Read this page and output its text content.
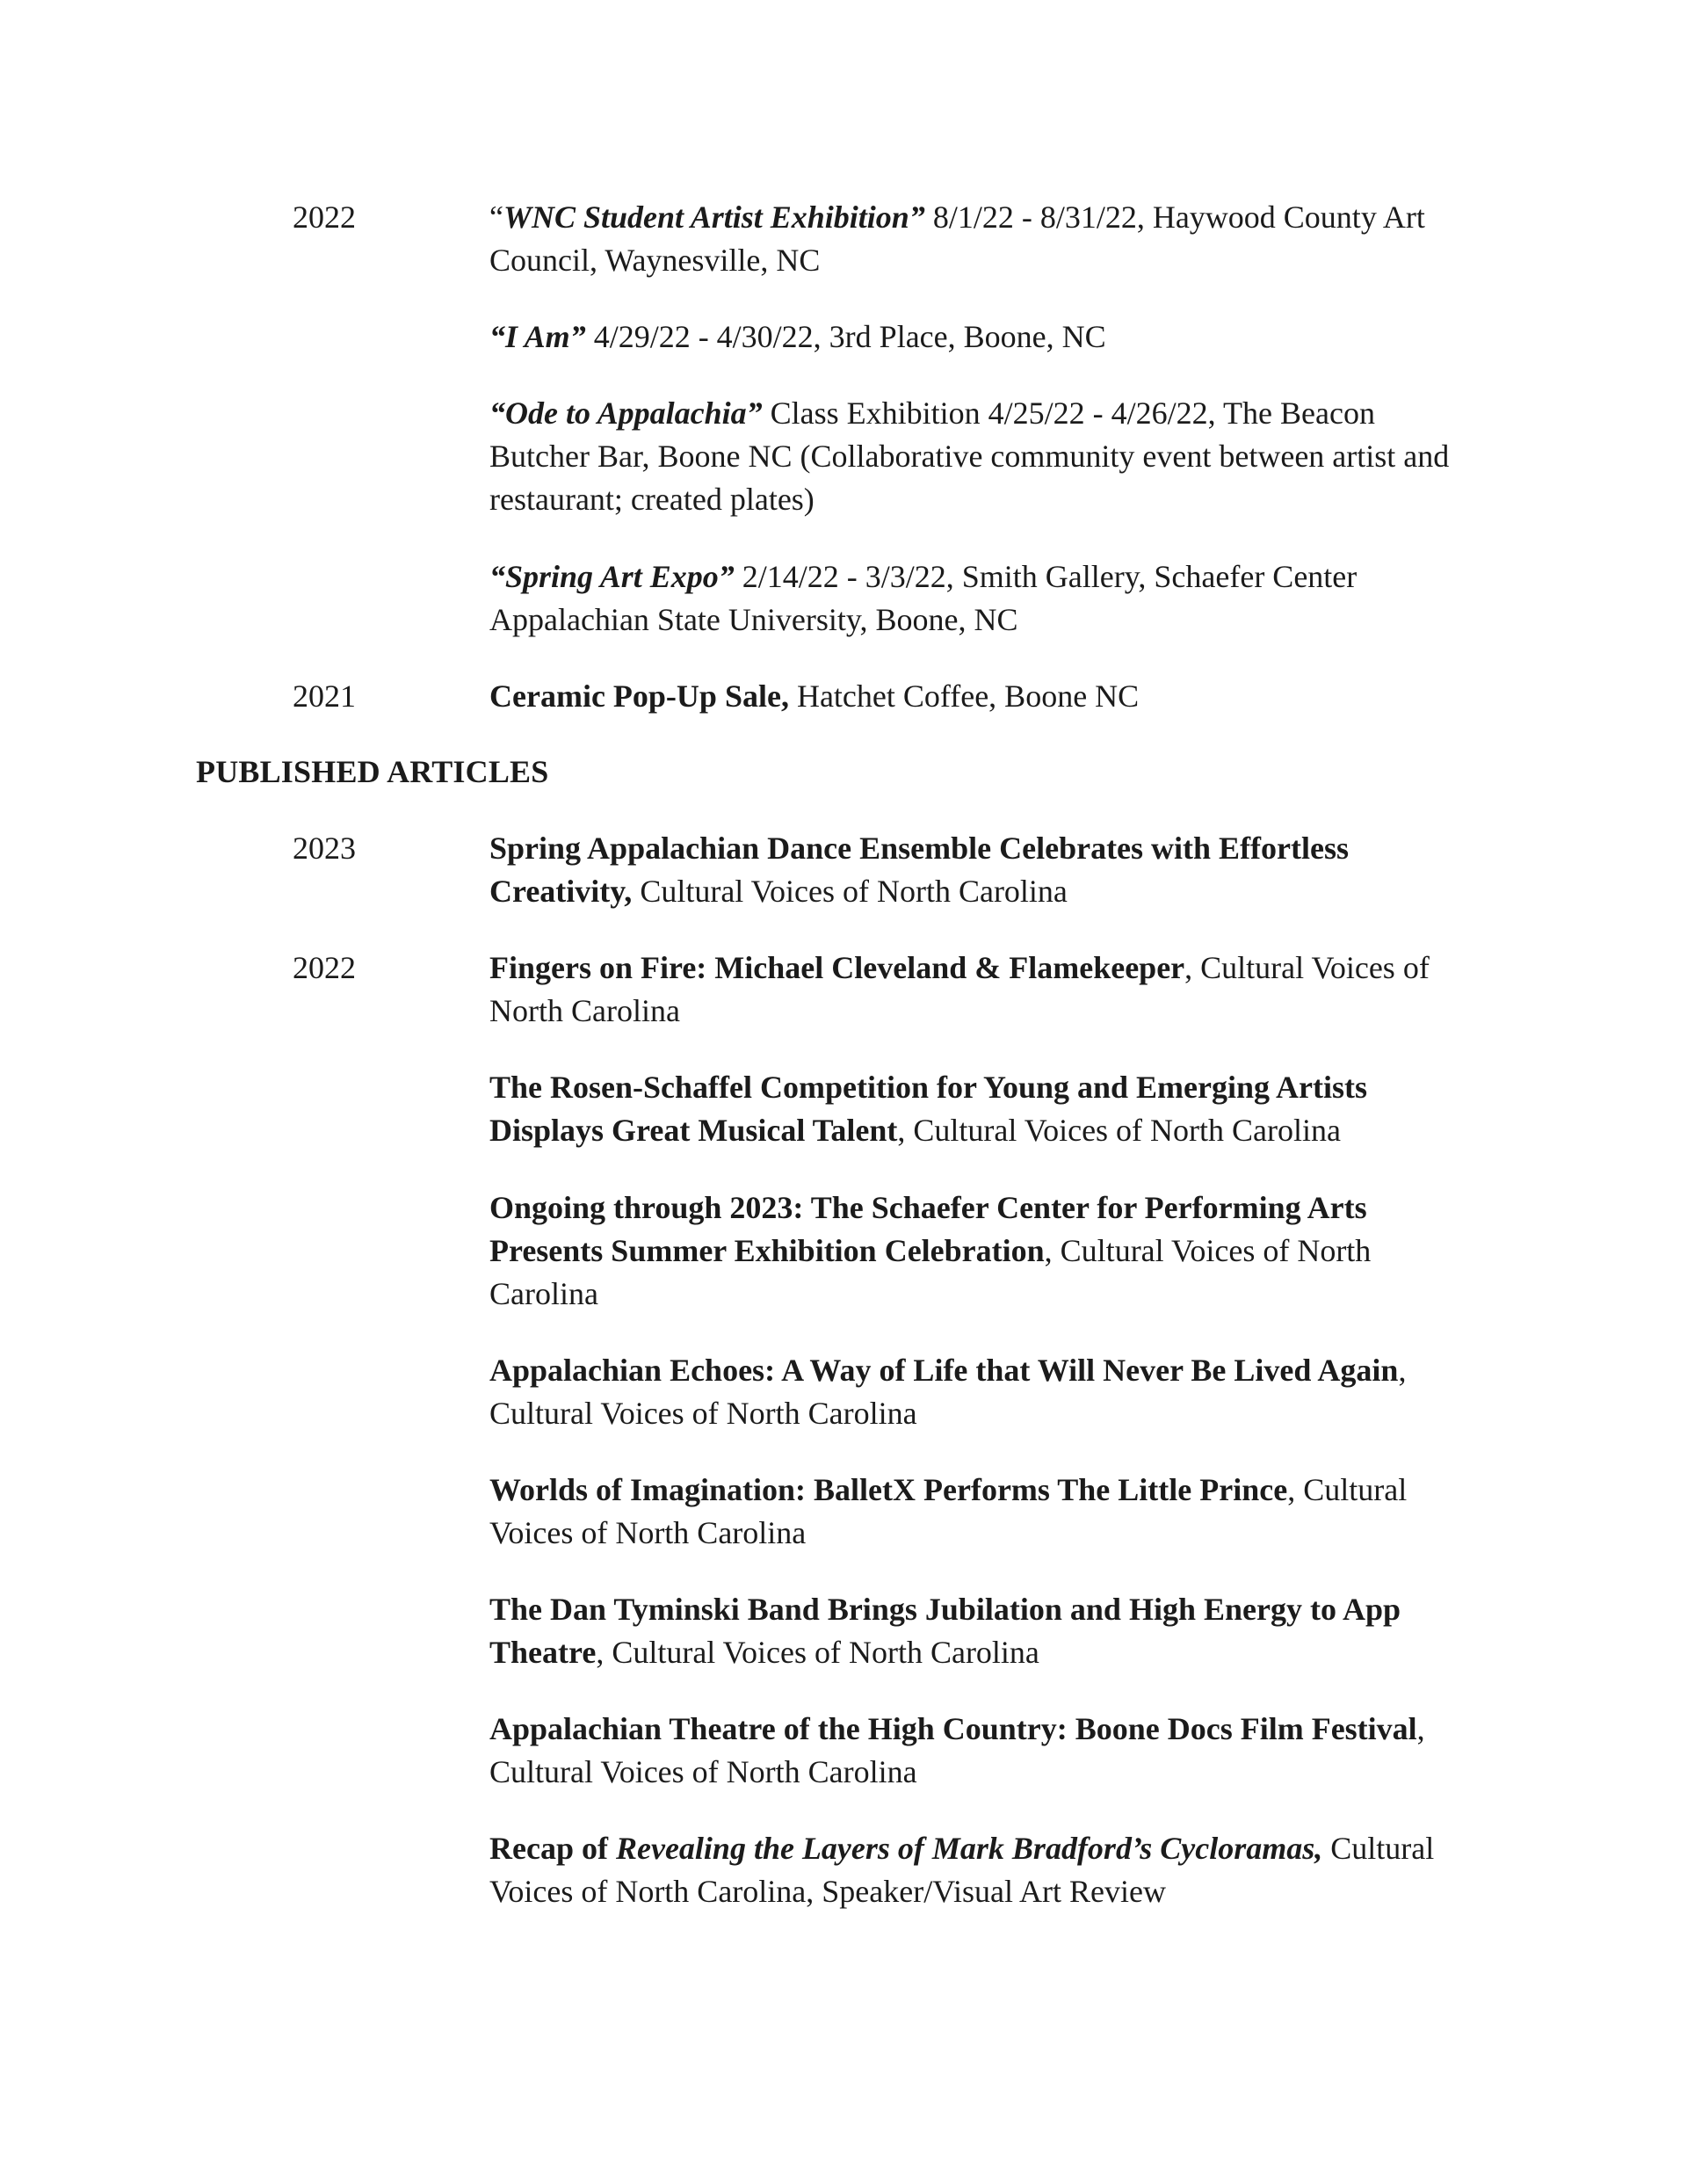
2022	“WNC Student Artist Exhibition” 8/1/22 - 8/31/22, Haywood County Art Council, Waynesville, NC
“I Am” 4/29/22 - 4/30/22, 3rd Place, Boone, NC
“Ode to Appalachia” Class Exhibition 4/25/22 - 4/26/22, The Beacon Butcher Bar, Boone NC (Collaborative community event between artist and restaurant; created plates)
“Spring Art Expo” 2/14/22 - 3/3/22, Smith Gallery, Schaefer Center Appalachian State University, Boone, NC
2021	Ceramic Pop-Up Sale, Hatchet Coffee, Boone NC
PUBLISHED ARTICLES
2023	Spring Appalachian Dance Ensemble Celebrates with Effortless Creativity, Cultural Voices of North Carolina
2022	Fingers on Fire: Michael Cleveland & Flamekeeper, Cultural Voices of North Carolina
The Rosen-Schaffel Competition for Young and Emerging Artists Displays Great Musical Talent, Cultural Voices of North Carolina
Ongoing through 2023: The Schaefer Center for Performing Arts Presents Summer Exhibition Celebration, Cultural Voices of North Carolina
Appalachian Echoes: A Way of Life that Will Never Be Lived Again, Cultural Voices of North Carolina
Worlds of Imagination: BalletX Performs The Little Prince, Cultural Voices of North Carolina
The Dan Tyminski Band Brings Jubilation and High Energy to App Theatre, Cultural Voices of North Carolina
Appalachian Theatre of the High Country: Boone Docs Film Festival, Cultural Voices of North Carolina
Recap of Revealing the Layers of Mark Bradford’s Cycloramas, Cultural Voices of North Carolina, Speaker/Visual Art Review
